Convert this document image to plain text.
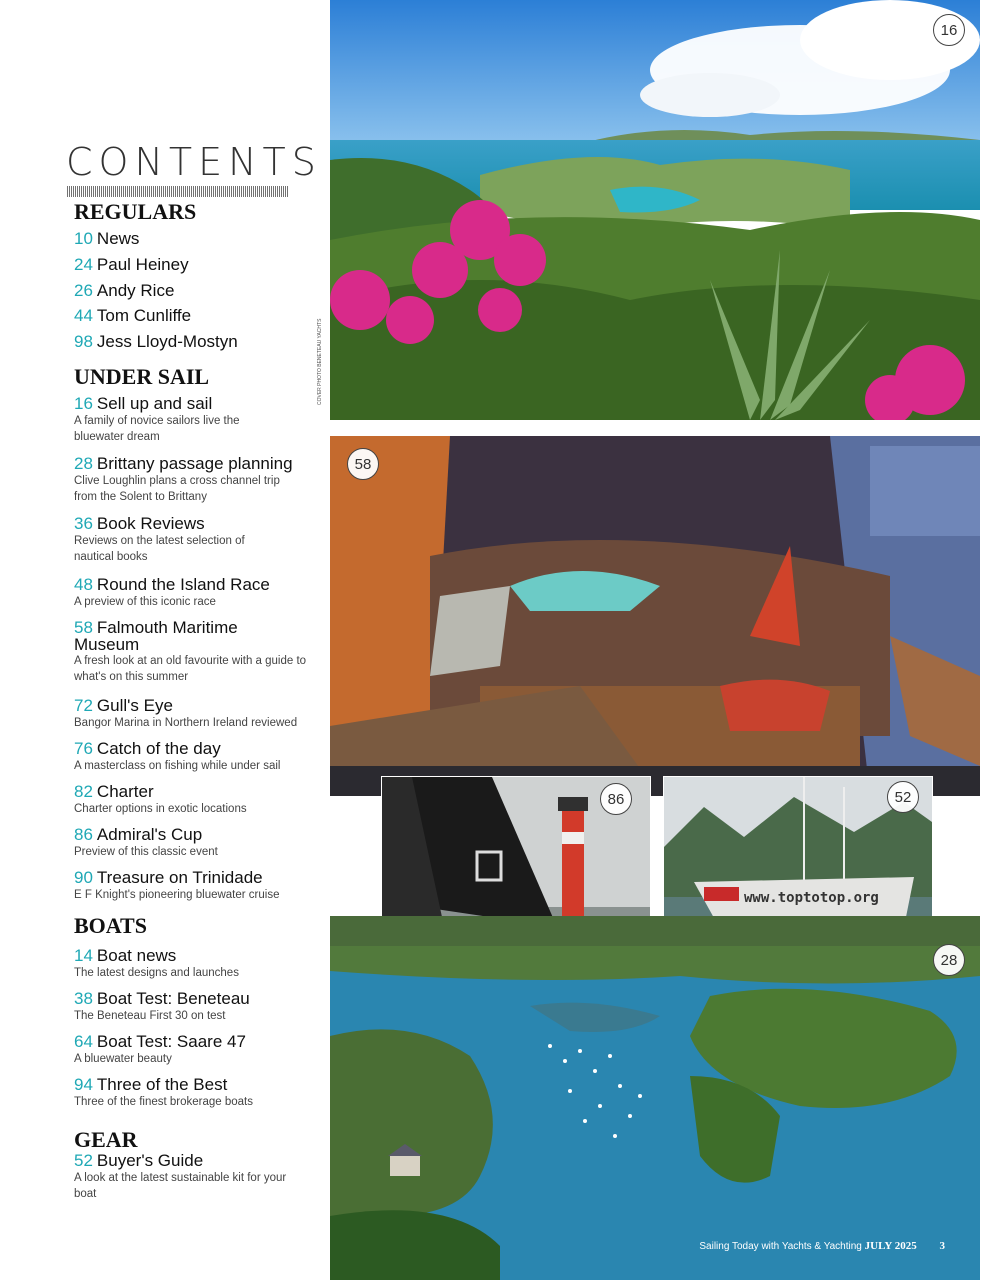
CONTENTS
REGULARS
10 News
24 Paul Heiney
26 Andy Rice
44 Tom Cunliffe
98 Jess Lloyd-Mostyn
UNDER SAIL
16 Sell up and sail
A family of novice sailors live the bluewater dream
28 Brittany passage planning
Clive Loughlin plans a cross channel trip from the Solent to Brittany
36 Book Reviews
Reviews on the latest selection of nautical books
48 Round the Island Race
A preview of this iconic race
58 Falmouth Maritime Museum
A fresh look at an old favourite with a guide to what's on this summer
72 Gull's Eye
Bangor Marina in Northern Ireland reviewed
76 Catch of the day
A masterclass on fishing while under sail
82 Charter
Charter options in exotic locations
86 Admiral's Cup
Preview of this classic event
90 Treasure on Trinidade
E F Knight's pioneering bluewater cruise
BOATS
14 Boat news
The latest designs and launches
38 Boat Test: Beneteau
The Beneteau First 30 on test
64 Boat Test: Saare 47
A bluewater beauty
94 Three of the Best
Three of the finest brokerage boats
GEAR
52 Buyer's Guide
A look at the latest sustainable kit for your boat
COVER PHOTO BENETEAU YACHTS
16
58
86
www.toptotop.org
52
28
Sailing Today with Yachts & Yachting JULY 2025 3
